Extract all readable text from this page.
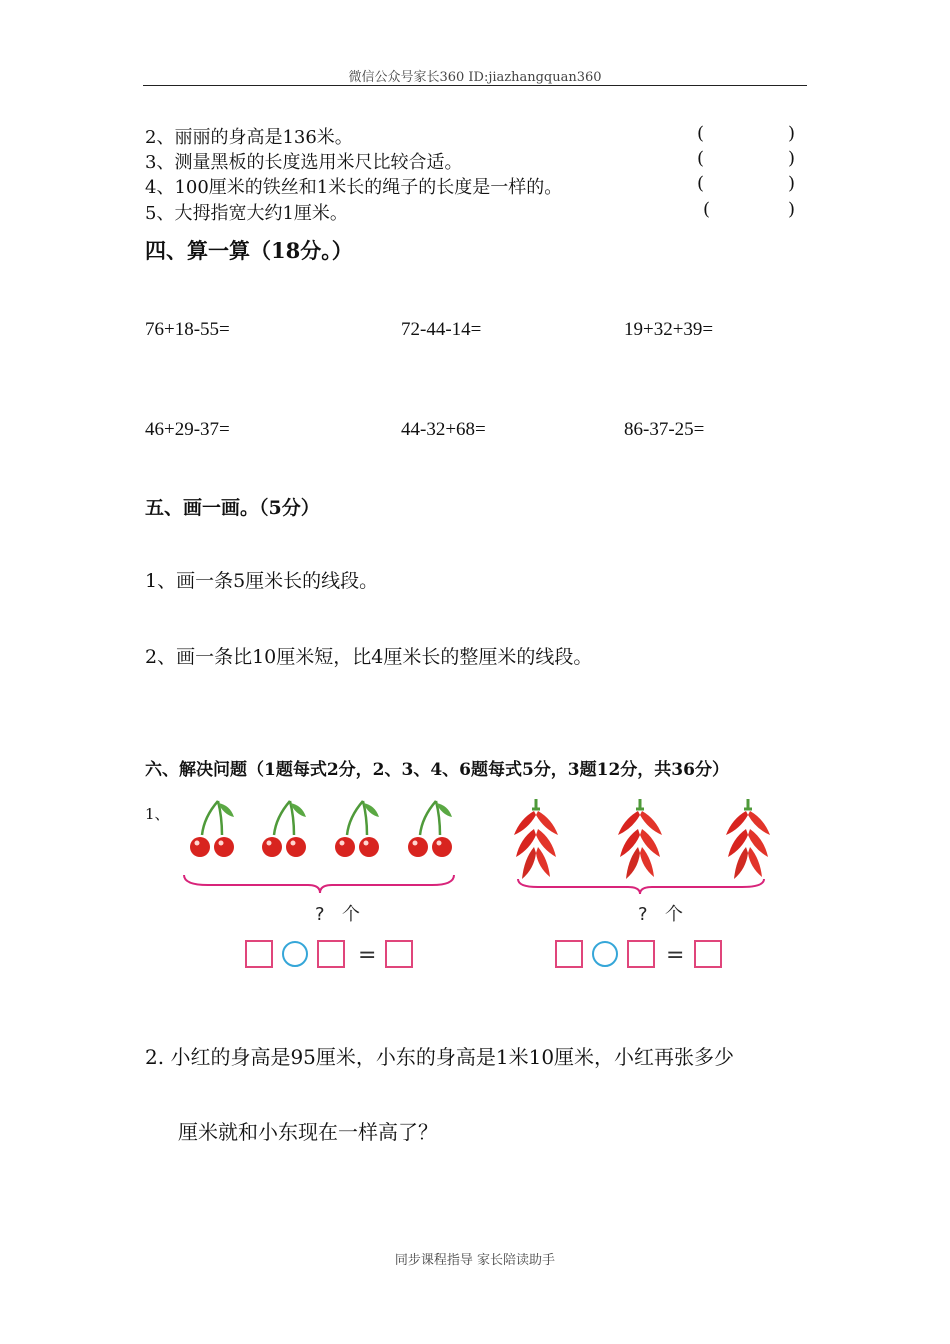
微信公众号家长360 ID:jiazhangquan360
2、丽丽的身高是136米。	(	)
3、测量黑板的长度选用米尺比较合适。	(	)
4、100厘米的铁丝和1米长的绳子的长度是一样的。	(	)
5、大拇指宽大约1厘米。	(	)
四、算一算（18分。）
76+18-55=	72-44-14=	19+32+39=
46+29-37=	44-32+68=	86-37-25=
五、画一画。（5分）
1、画一条5厘米长的线段。
2、画一条比10厘米短，比4厘米长的整厘米的线段。
六、解决问题（1题每式2分，2、3、4、6题每式5分，3题12分，共36分）
1、
? 个
=
? 个
=
2. 小红的身高是95厘米，小东的身高是1米10厘米，小红再张多少
厘米就和小东现在一样高了？
同步课程指导 家长陪读助手
